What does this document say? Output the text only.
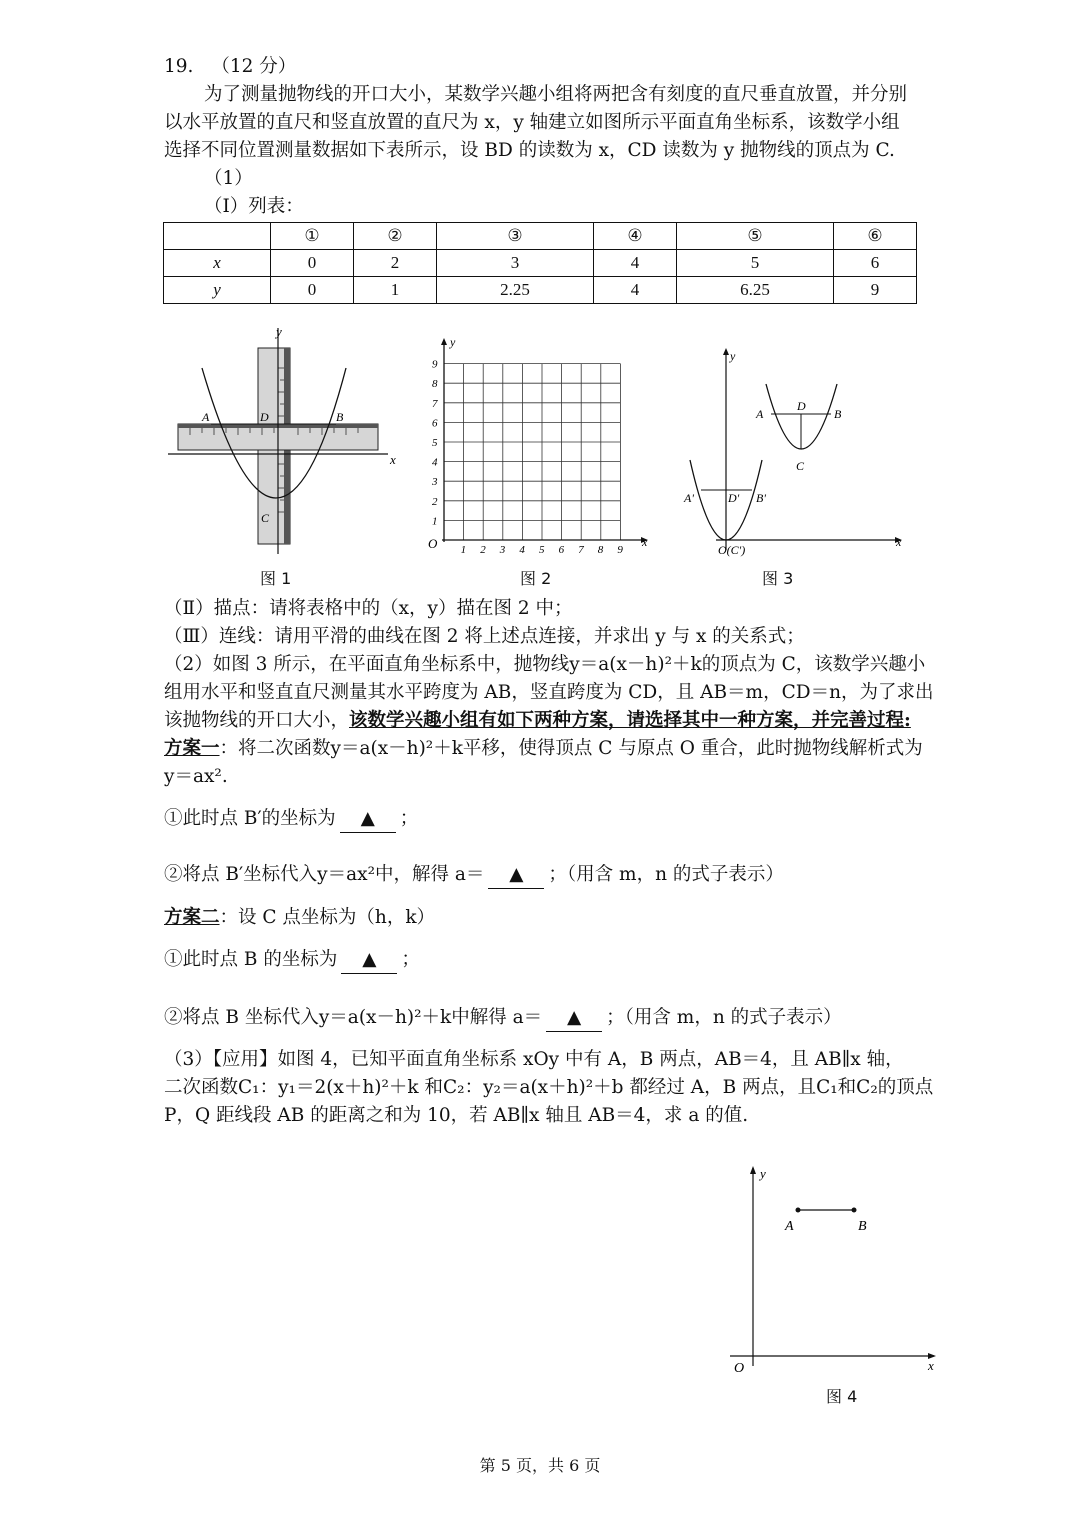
19. （12 分）
为了测量抛物线的开口大小，某数学兴趣小组将两把含有刻度的直尺垂直放置，并分别
以水平放置的直尺和竖直放置的直尺为 x，y 轴建立如图所示平面直角坐标系，该数学小组
选择不同位置测量数据如下表所示，设 BD 的读数为 x，CD 读数为 y 抛物线的顶点为 C.
（1）
（Ⅰ）列表：
	①	②	③	④	⑤	⑥
x	0	2	3	4	5	6
y	0	1	2.25	4	6.25	9
y
x
A	B
D
C
图 1
O	x
y
1
1
2
2
3
3
4
4
5
5
6
6
7
7
8
8
9
9
图 2
y
x
A	B
D
C
A'	D' B'
O(C')
图 3
（Ⅱ）描点：请将表格中的（x，y）描在图 2 中；
（Ⅲ）连线：请用平滑的曲线在图 2 将上述点连接，并求出 y 与 x 的关系式；
（2）如图 3 所示，在平面直角坐标系中，抛物线y＝a(x－h)²＋k的顶点为 C，该数学兴趣小
组用水平和竖直直尺测量其水平跨度为 AB，竖直跨度为 CD，且 AB＝m，CD＝n，为了求出
该抛物线的开口大小，该数学兴趣小组有如下两种方案，请选择其中一种方案，并完善过程:
方案一：将二次函数y＝a(x－h)²＋k平移，使得顶点 C 与原点 O 重合，此时抛物线解析式为
y＝ax².
①此时点 B′的坐标为 ▲ ；
②将点 B′坐标代入y＝ax²中，解得 a＝ ▲ ；（用含 m，n 的式子表示）
方案二：设 C 点坐标为（h，k）
①此时点 B 的坐标为 ▲ ；
②将点 B 坐标代入y＝a(x－h)²＋k中解得 a＝ ▲ ；（用含 m，n 的式子表示）
（3）【应用】如图 4，已知平面直角坐标系 xOy 中有 A，B 两点，AB＝4，且 AB∥x 轴，
二次函数C₁：y₁＝2(x＋h)²＋k 和C₂：y₂＝a(x＋h)²＋b 都经过 A，B 两点，且C₁和C₂的顶点
P，Q 距线段 AB 的距离之和为 10，若 AB∥x 轴且 AB＝4，求 a 的值.
y
x
O
A	B
图 4
第 5 页，共 6 页
